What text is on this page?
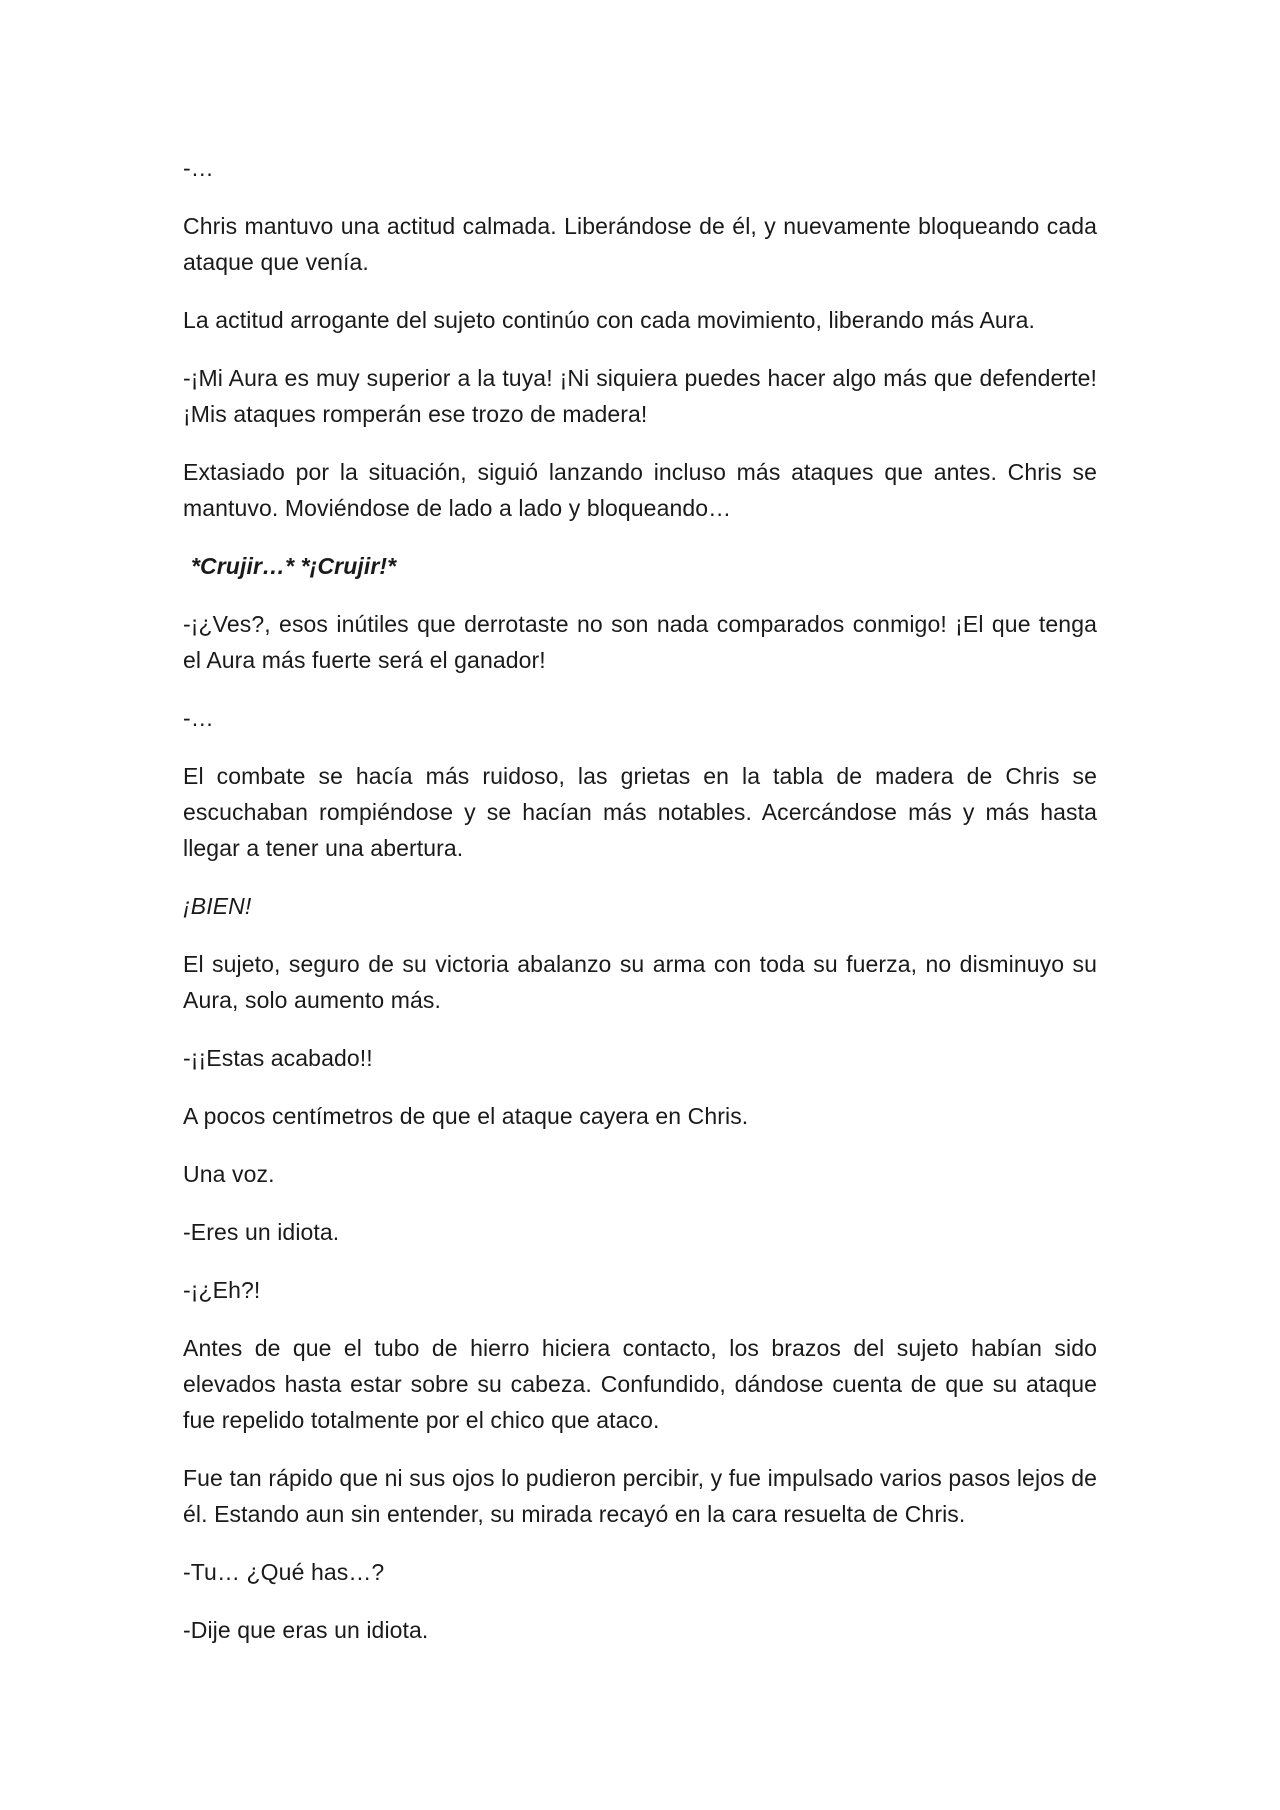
-…

Chris mantuvo una actitud calmada. Liberándose de él, y nuevamente bloqueando cada ataque que venía.

La actitud arrogante del sujeto continúo con cada movimiento, liberando más Aura.

-¡Mi Aura es muy superior a la tuya! ¡Ni siquiera puedes hacer algo más que defenderte! ¡Mis ataques romperán ese trozo de madera!

Extasiado por la situación, siguió lanzando incluso más ataques que antes. Chris se mantuvo. Moviéndose de lado a lado y bloqueando…

*Crujir…* *¡Crujir!*

-¡¿Ves?, esos inútiles que derrotaste no son nada comparados conmigo! ¡El que tenga el Aura más fuerte será el ganador!

-…

El combate se hacía más ruidoso, las grietas en la tabla de madera de Chris se escuchaban rompiéndose y se hacían más notables. Acercándose más y más hasta llegar a tener una abertura.

¡BIEN!

El sujeto, seguro de su victoria abalanzo su arma con toda su fuerza, no disminuyo su Aura, solo aumento más.

-¡¡Estas acabado!!

A pocos centímetros de que el ataque cayera en Chris.

Una voz.

-Eres un idiota.

-¡¿Eh?!

Antes de que el tubo de hierro hiciera contacto, los brazos del sujeto habían sido elevados hasta estar sobre su cabeza. Confundido, dándose cuenta de que su ataque fue repelido totalmente por el chico que ataco.

Fue tan rápido que ni sus ojos lo pudieron percibir, y fue impulsado varios pasos lejos de él. Estando aun sin entender, su mirada recayó en la cara resuelta de Chris.

-Tu… ¿Qué has…?

-Dije que eras un idiota.
